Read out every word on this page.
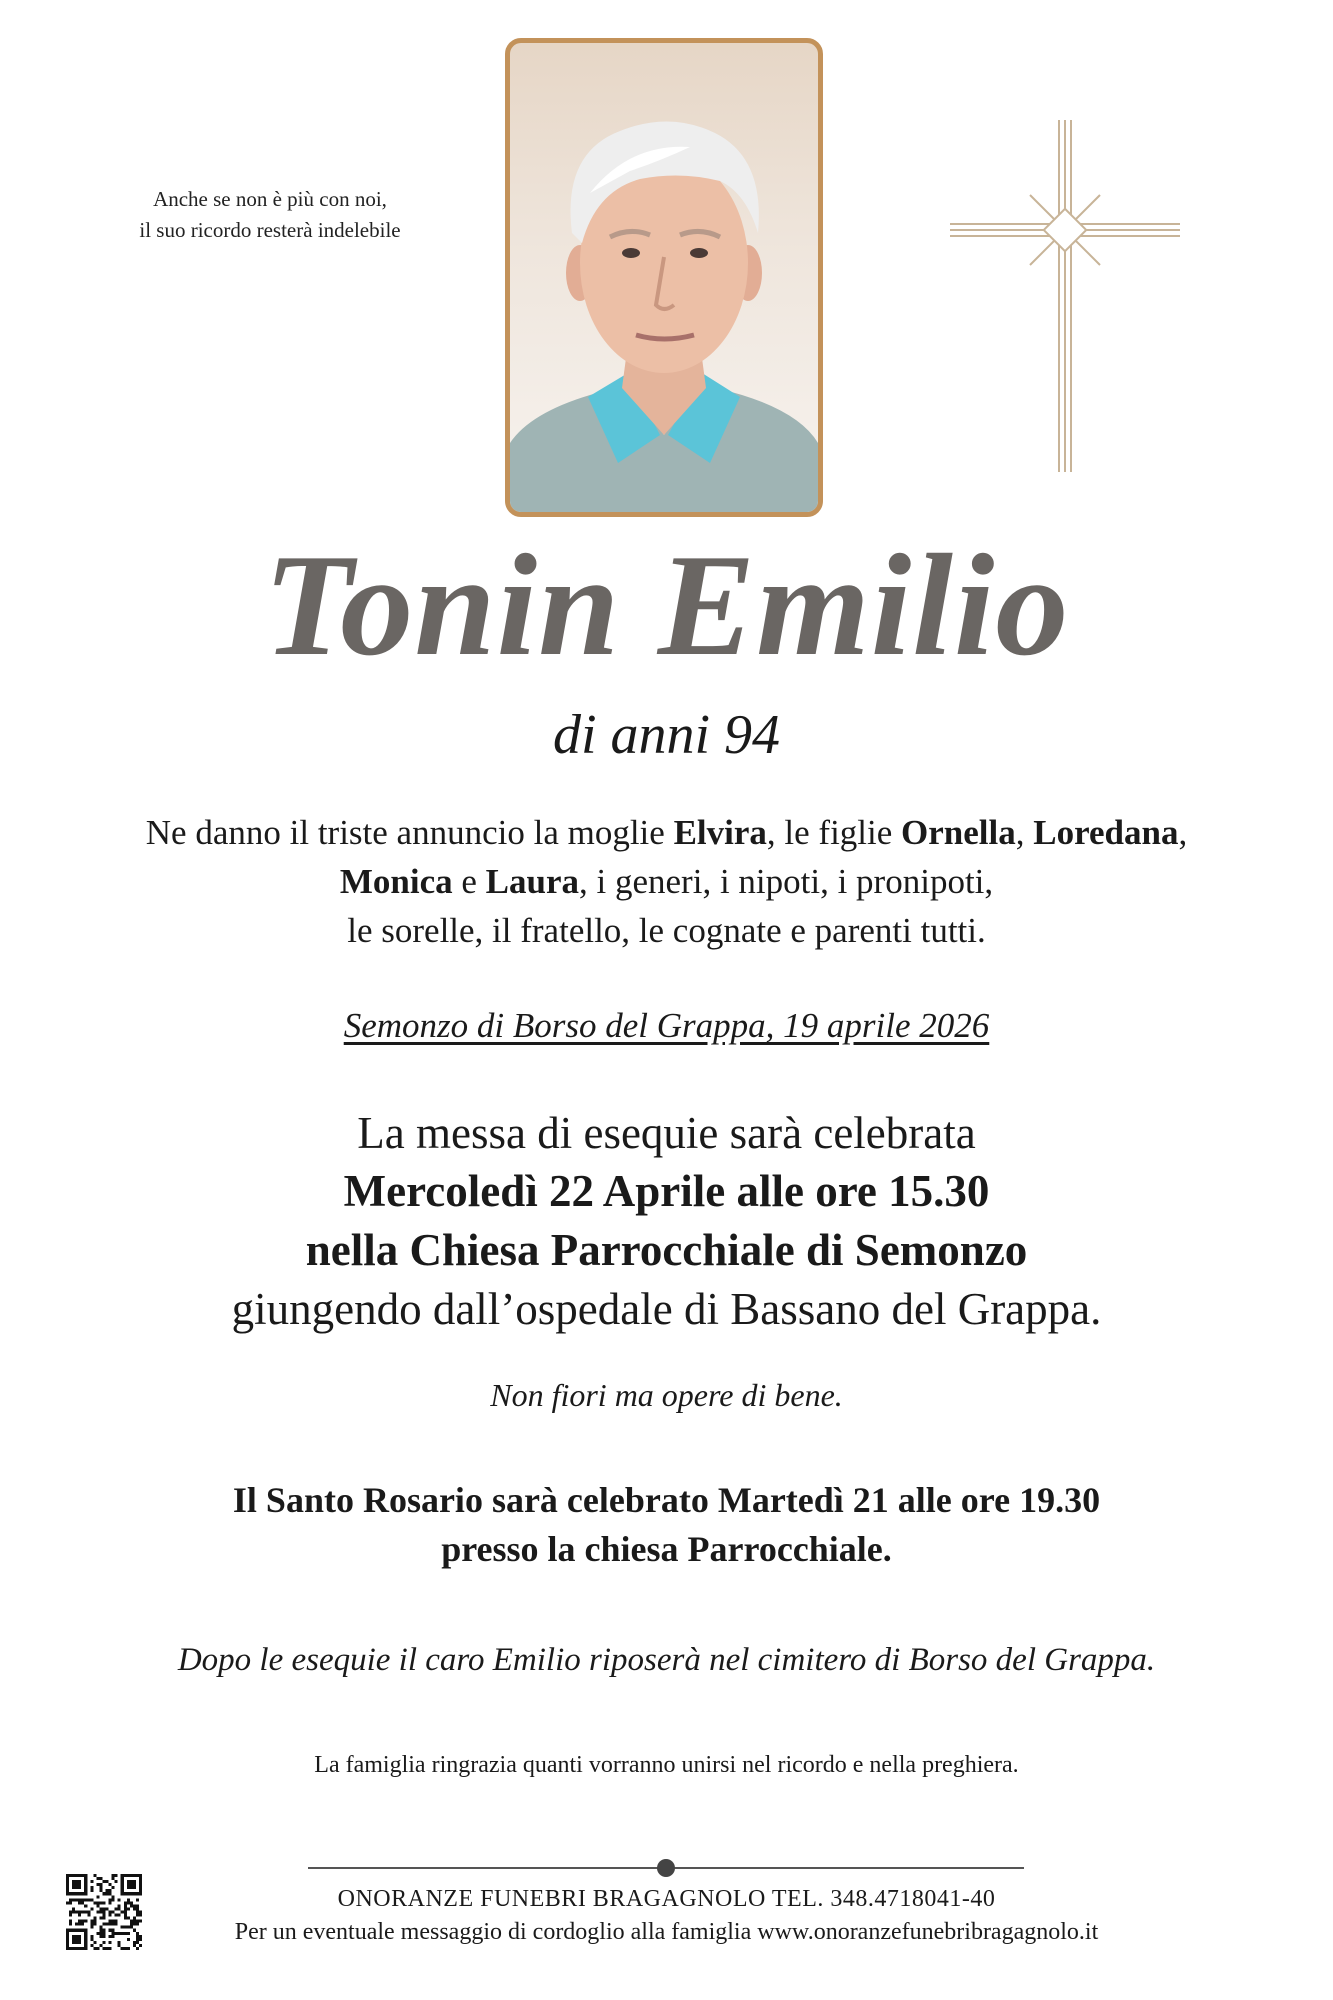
Anche se non è più con noi,
il suo ricordo resterà indelebile
Tonin Emilio
di anni 94
Ne danno il triste annuncio la moglie Elvira, le figlie Ornella, Loredana,
Monica e Laura, i generi, i nipoti, i pronipoti,
le sorelle, il fratello, le cognate e parenti tutti.
Semonzo di Borso del Grappa, 19 aprile 2026
La messa di esequie sarà celebrata
Mercoledì 22 Aprile alle ore 15.30
nella Chiesa Parrocchiale di Semonzo
giungendo dall’ospedale di Bassano del Grappa.
Non fiori ma opere di bene.
Il Santo Rosario sarà celebrato Martedì 21 alle ore 19.30
presso la chiesa Parrocchiale.
Dopo le esequie il caro Emilio riposerà nel cimitero di Borso del Grappa.
La famiglia ringrazia quanti vorranno unirsi nel ricordo e nella preghiera.
ONORANZE FUNEBRI BRAGAGNOLO TEL. 348.4718041-40
Per un eventuale messaggio di cordoglio alla famiglia www.onoranzefunebribragagnolo.it
